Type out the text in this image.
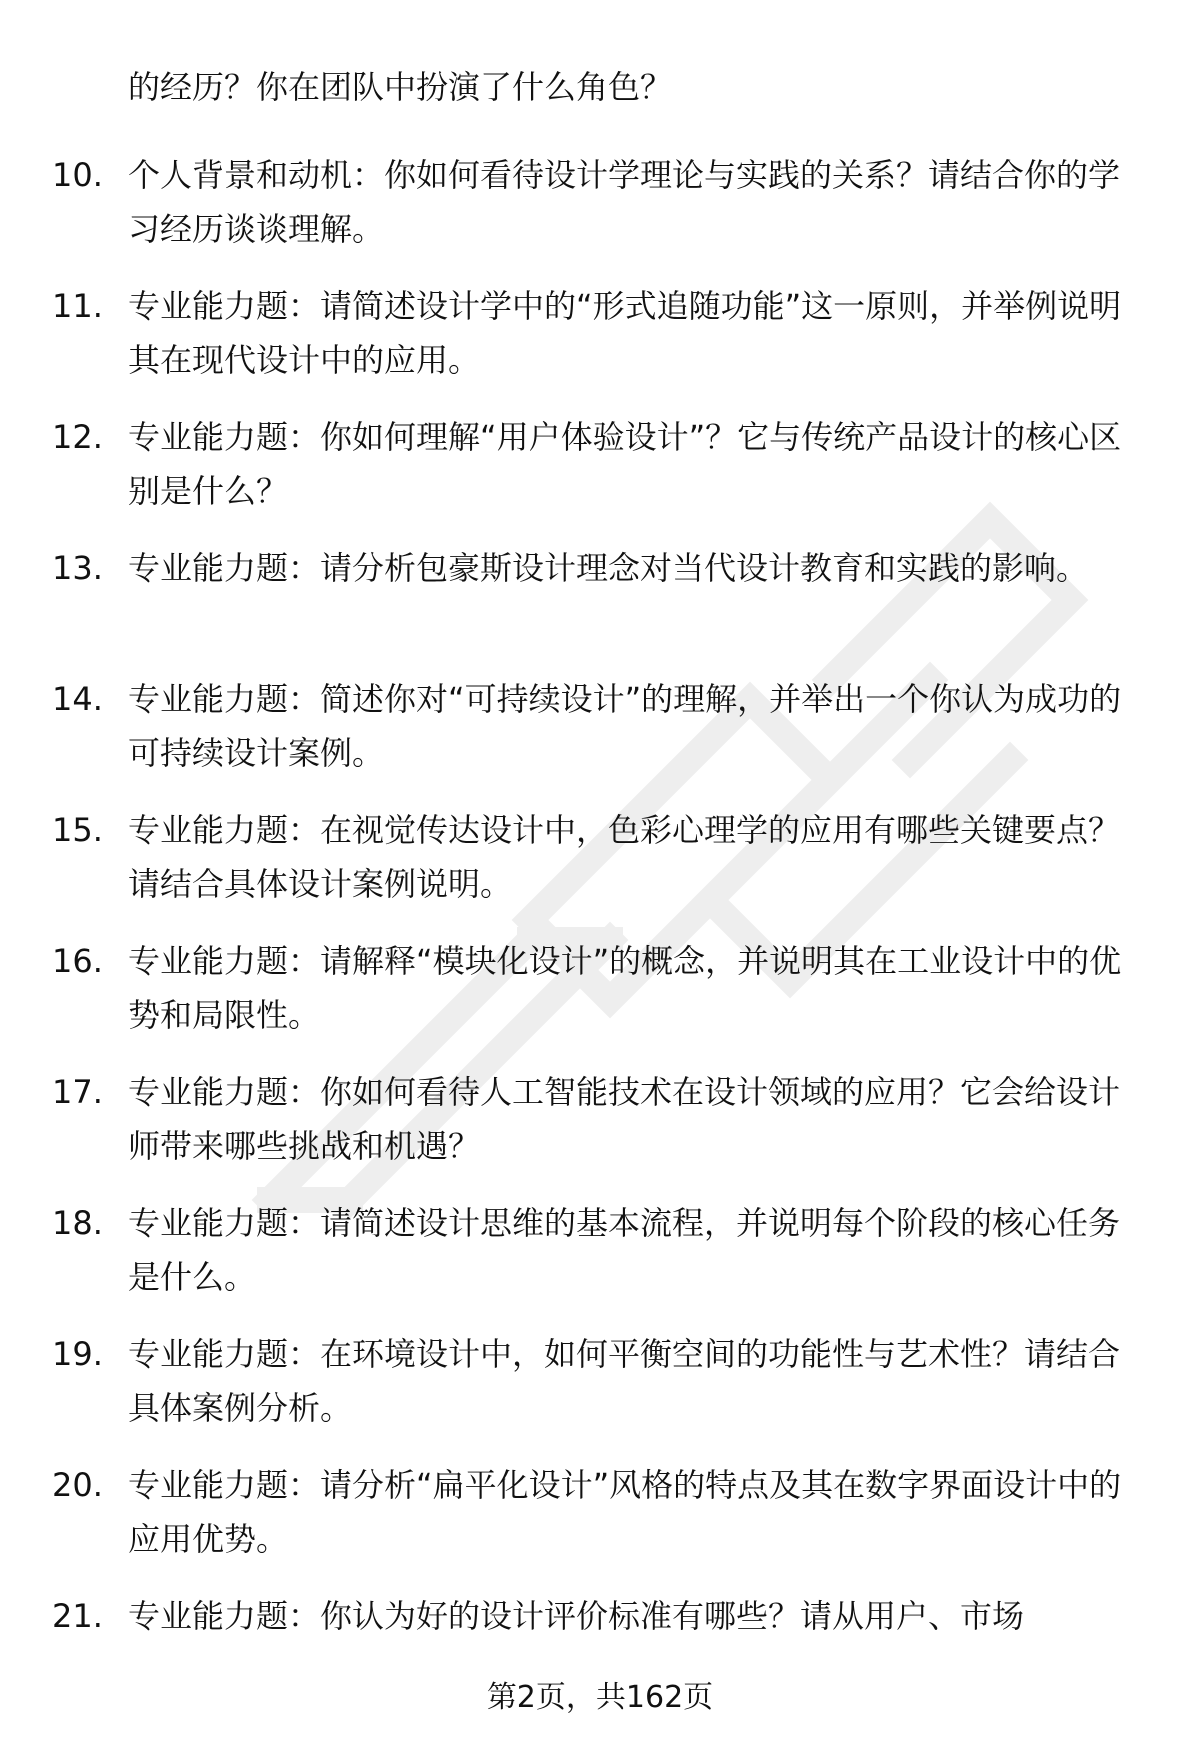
的经历？你在团队中扮演了什么角色？

10. 个人背景和动机：你如何看待设计学理论与实践的关系？请结合你的学习经历谈谈理解。

11. 专业能力题：请简述设计学中的“形式追随功能”这一原则，并举例说明其在现代设计中的应用。

12. 专业能力题：你如何理解“用户体验设计”？它与传统产品设计的核心区别是什么？

13. 专业能力题：请分析包豪斯设计理念对当代设计教育和实践的影响。

14. 专业能力题：简述你对“可持续设计”的理解，并举出一个你认为成功的可持续设计案例。

15. 专业能力题：在视觉传达设计中，色彩心理学的应用有哪些关键要点？请结合具体设计案例说明。

16. 专业能力题：请解释“模块化设计”的概念，并说明其在工业设计中的优势和局限性。

17. 专业能力题：你如何看待人工智能技术在设计领域的应用？它会给设计师带来哪些挑战和机遇？

18. 专业能力题：请简述设计思维的基本流程，并说明每个阶段的核心任务是什么。

19. 专业能力题：在环境设计中，如何平衡空间的功能性与艺术性？请结合具体案例分析。

20. 专业能力题：请分析“扁平化设计”风格的特点及其在数字界面设计中的应用优势。

21. 专业能力题：你认为好的设计评价标准有哪些？请从用户、市场

第2页，共162页
